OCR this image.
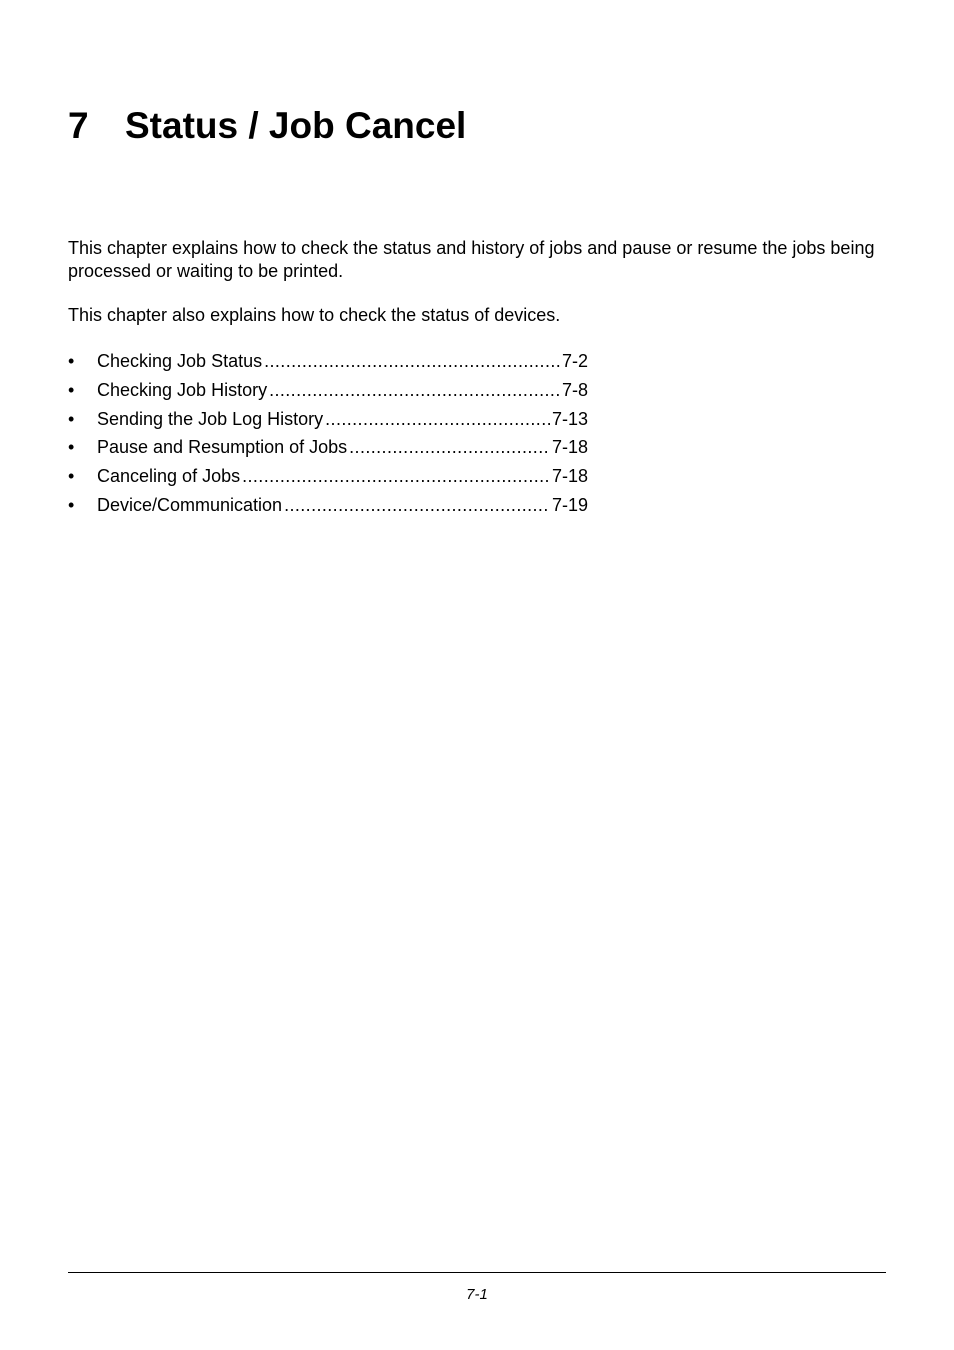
7 Status / Job Cancel

This chapter explains how to check the status and history of jobs and pause or resume the jobs being processed or waiting to be printed.

This chapter also explains how to check the status of devices.

•	Checking Job Status .....	7-2
•	Checking Job History .....	7-8
•	Sending the Job Log History .....	7-13
•	Pause and Resumption of Jobs .....	7-18
•	Canceling of Jobs .....	7-18
•	Device/Communication .....	7-19
7-1
